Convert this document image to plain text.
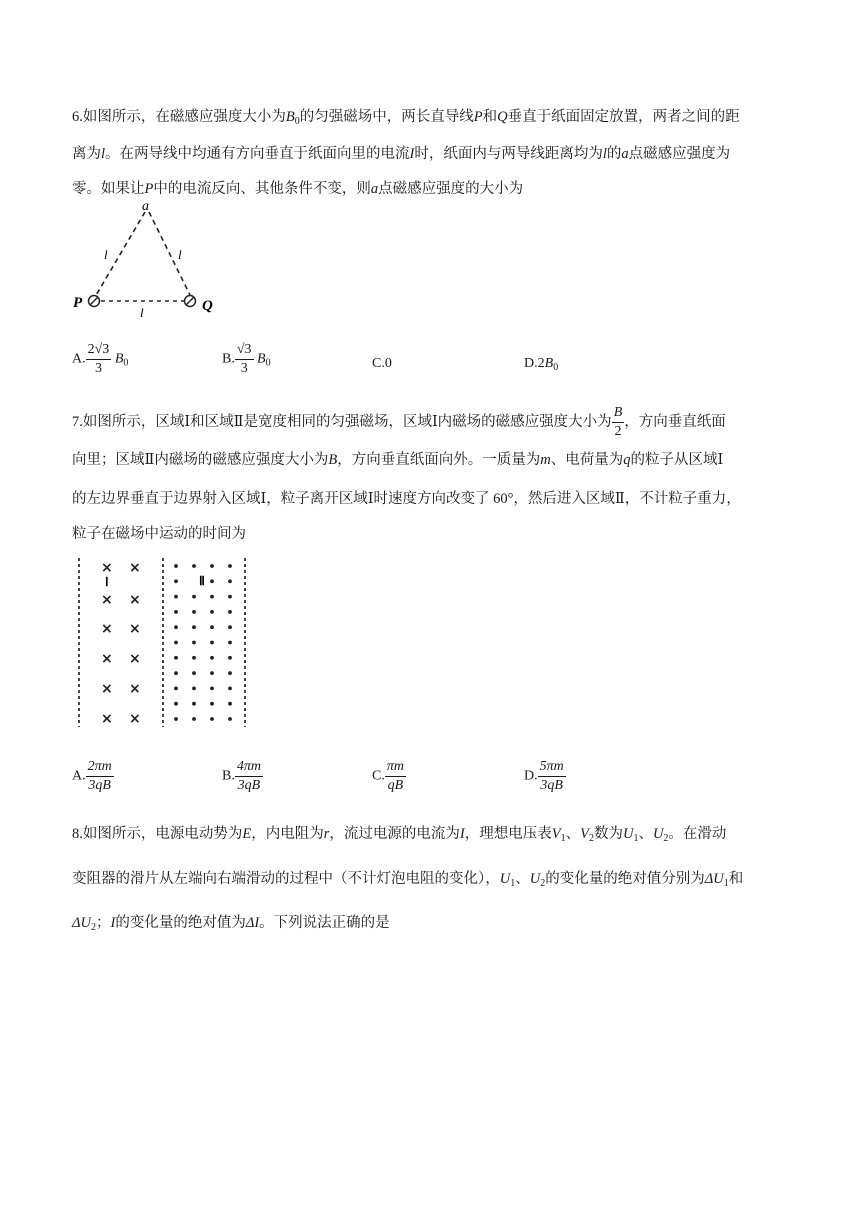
6.如图所示，在磁感应强度大小为$B_0$的匀强磁场中，两长直导线P和Q垂直于纸面固定放置，两者之间的距
离为l。在两导线中均通有方向垂直于纸面向里的电流I时，纸面内与两导线距离均为l的a点磁感应强度为
零。如果让P中的电流反向、其他条件不变，则a点磁感应强度的大小为
a
l	l
l
P	Q
A. $\frac{2√3}{3} B_0$	B. $\frac{√3}{3} B_0$	C.0	$D.2B_0$
7.如图所示，区域Ⅰ和区域Ⅱ是宽度相同的匀强磁场，区域Ⅰ内磁场的磁感应强度大小为 $\frac{B}{2}$ ，方向垂直纸面
向里；区域Ⅱ内磁场的磁感应强度大小为B，方向垂直纸面向外。一质量为m、电荷量为q的粒子从区域Ⅰ
的左边界垂直于边界射入区域Ⅰ，粒子离开区域Ⅰ时速度方向改变了 60°，然后进入区域Ⅱ，不计粒子重力，
粒子在磁场中运动的时间为
Ⅰ	Ⅱ
× ×
× ×
× ×
× ×
× ×
× ×
A. $\frac{2\pi m}{3qB}$	B. $\frac{4\pi m}{3qB}$	C. $\frac{\pi m}{qB}$	D. $\frac{5\pi m}{3qB}$
8.如图所示，电源电动势为E，内电阻为r，流过电源的电流为I，理想电压表$V_1$、$V_2$数为$U_1$、$U_2$。在滑动
变阻器的滑片从左端向右端滑动的过程中（不计灯泡电阻的变化），$U_1$、$U_2$的变化量的绝对值分别为$\Delta U_1$和
$\Delta U_2$；I的变化量的绝对值为ΔI。下列说法正确的是
